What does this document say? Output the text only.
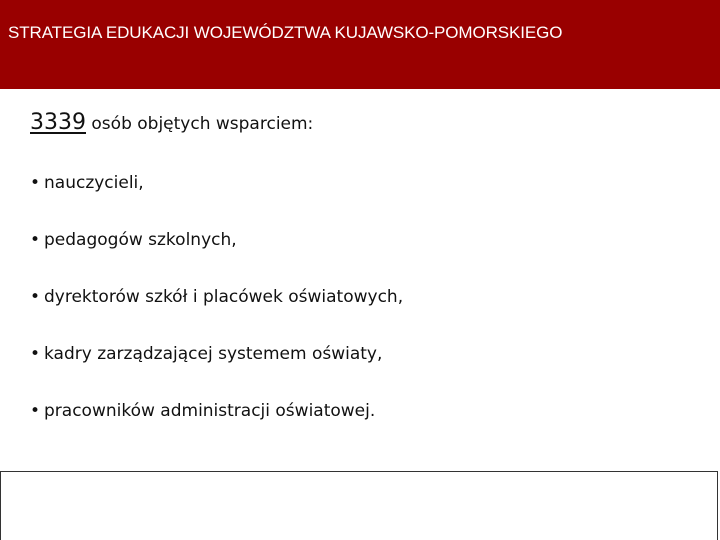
STRATEGIA EDUKACJI WOJEWÓDZTWA KUJAWSKO-POMORSKIEGO

3339 osób objętych wsparciem:

• nauczycieli,
• pedagogów szkolnych,
• dyrektorów szkół i placówek oświatowych,
• kadry zarządzającej systemem oświaty,
• pracowników administracji oświatowej.
